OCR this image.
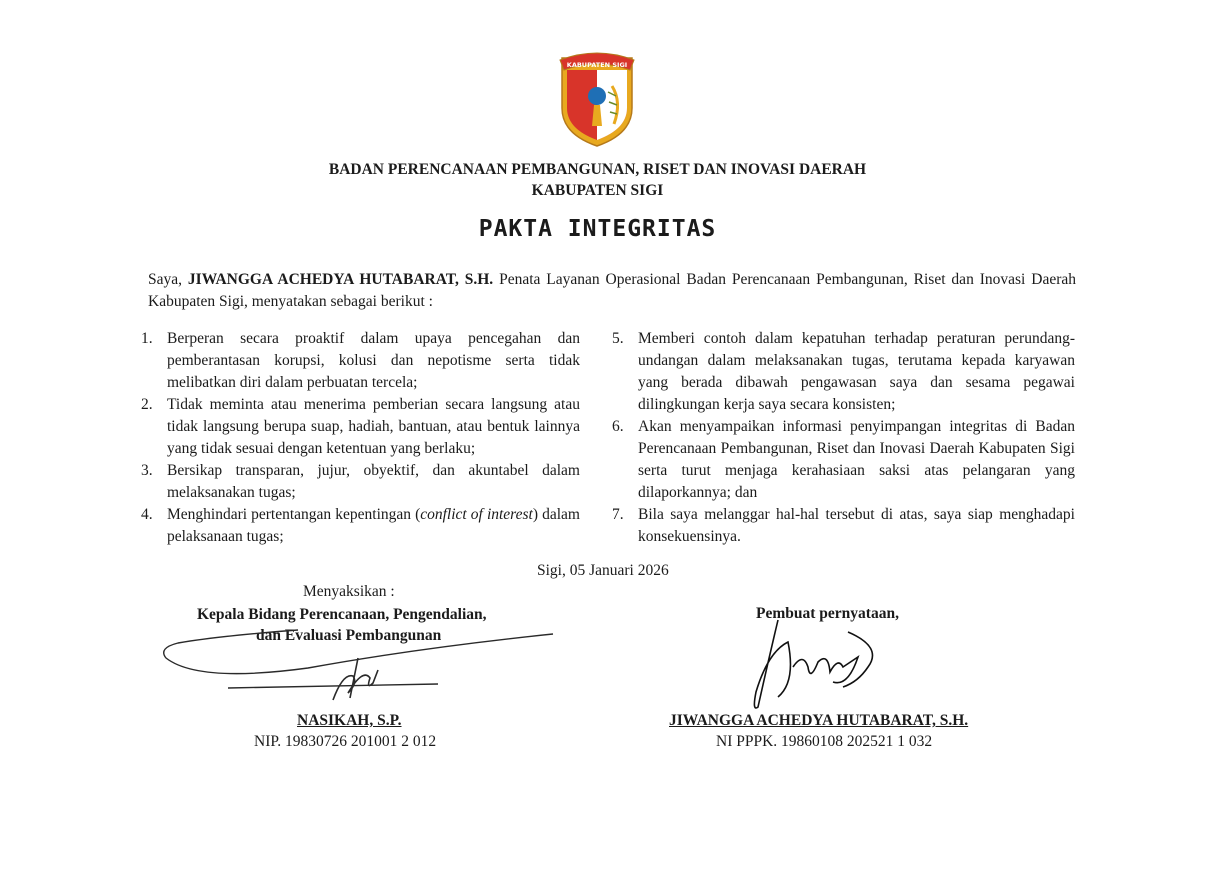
KABUPATEN SIGI
BADAN PERENCANAAN PEMBANGUNAN, RISET DAN INOVASI DAERAH
KABUPATEN SIGI
PAKTA INTEGRITAS
Saya, JIWANGGA ACHEDYA HUTABARAT, S.H. Penata Layanan Operasional Badan Perencanaan Pembangunan, Riset dan Inovasi Daerah Kabupaten Sigi, menyatakan sebagai berikut :
1. Berperan secara proaktif dalam upaya pencegahan dan pemberantasan korupsi, kolusi dan nepotisme serta tidak melibatkan diri dalam perbuatan tercela;
2. Tidak meminta atau menerima pemberian secara langsung atau tidak langsung berupa suap, hadiah, bantuan, atau bentuk lainnya yang tidak sesuai dengan ketentuan yang berlaku;
3. Bersikap transparan, jujur, obyektif, dan akuntabel dalam melaksanakan tugas;
4. Menghindari pertentangan kepentingan (conflict of interest) dalam pelaksanaan tugas;
5. Memberi contoh dalam kepatuhan terhadap peraturan perundang-undangan dalam melaksanakan tugas, terutama kepada karyawan yang berada dibawah pengawasan saya dan sesama pegawai dilingkungan kerja saya secara konsisten;
6. Akan menyampaikan informasi penyimpangan integritas di Badan Perencanaan Pembangunan, Riset dan Inovasi Daerah Kabupaten Sigi serta turut menjaga kerahasiaan saksi atas pelangaran yang dilaporkannya; dan
7. Bila saya melanggar hal-hal tersebut di atas, saya siap menghadapi konsekuensinya.
Sigi, 05 Januari 2026
Menyaksikan :
Kepala Bidang Perencanaan, Pengendalian,
dan Evaluasi Pembangunan
NASIKAH, S.P.
NIP. 19830726 201001 2 012
Pembuat pernyataan,
JIWANGGA ACHEDYA HUTABARAT, S.H.
NI PPPK. 19860108 202521 1 032
